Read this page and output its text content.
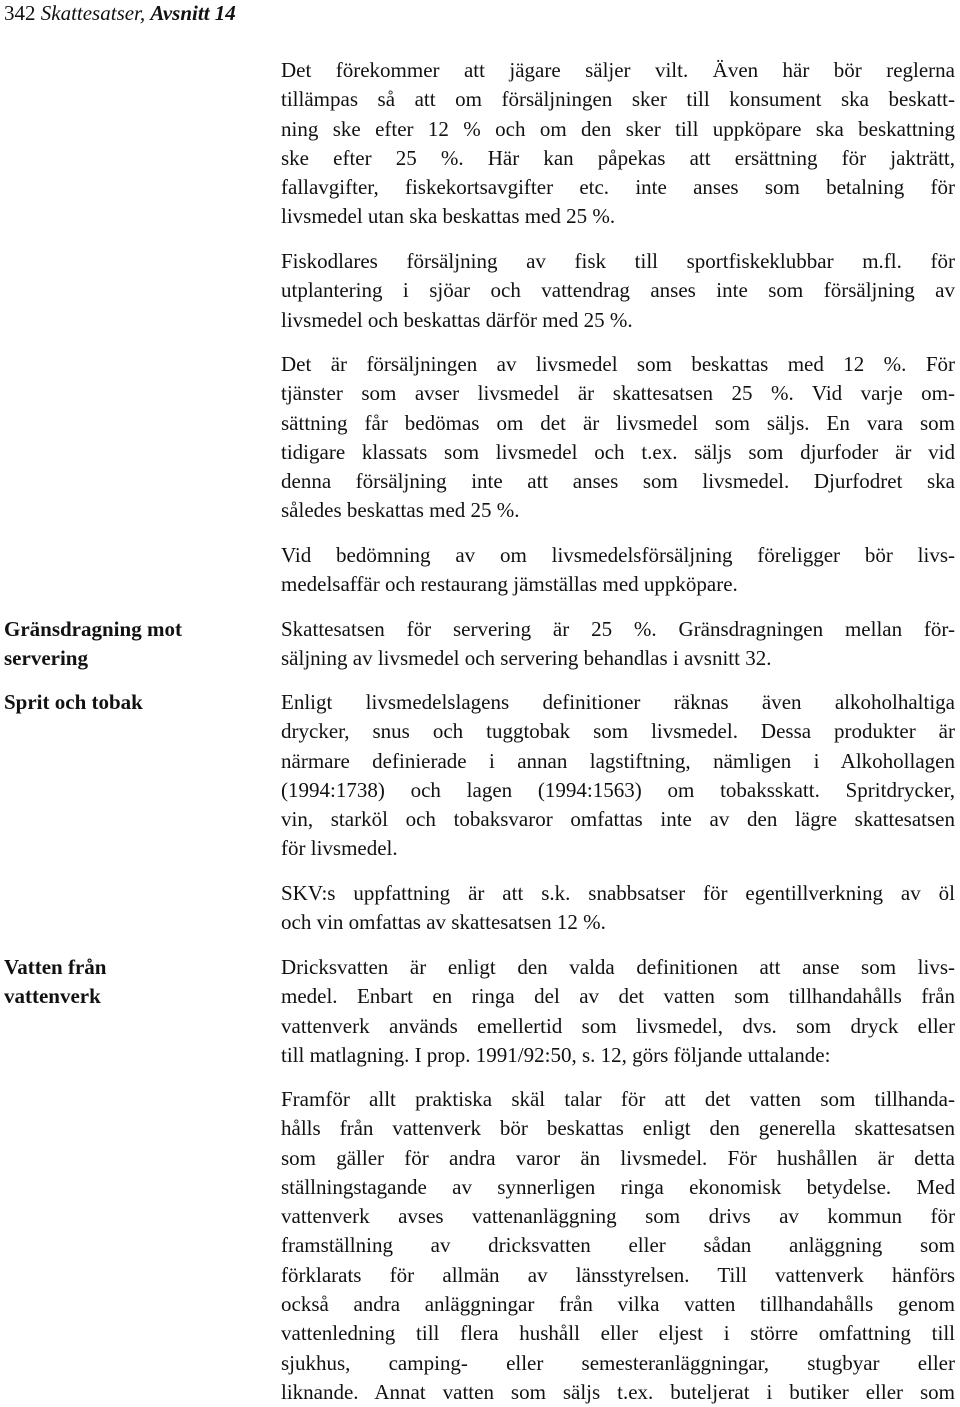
342 Skattesatser, Avsnitt 14
Gränsdragning mot servering
Sprit och tobak
Vatten från vattenverk
Det förekommer att jägare säljer vilt. Även här bör reglerna
tillämpas så att om försäljningen sker till konsument ska beskatt-
ning ske efter 12 % och om den sker till uppköpare ska beskattning
ske efter 25 %. Här kan påpekas att ersättning för jakträtt,
fallavgifter, fiskekortsavgifter etc. inte anses som betalning för
livsmedel utan ska beskattas med 25 %.
Fiskodlares försäljning av fisk till sportfiskeklubbar m.fl. för
utplantering i sjöar och vattendrag anses inte som försäljning av
livsmedel och beskattas därför med 25 %.
Det är försäljningen av livsmedel som beskattas med 12 %. För
tjänster som avser livsmedel är skattesatsen 25 %. Vid varje om-
sättning får bedömas om det är livsmedel som säljs. En vara som
tidigare klassats som livsmedel och t.ex. säljs som djurfoder är vid
denna försäljning inte att anses som livsmedel. Djurfodret ska
således beskattas med 25 %.
Vid bedömning av om livsmedelsförsäljning föreligger bör livs-
medelsaffär och restaurang jämställas med uppköpare.
Skattesatsen för servering är 25 %. Gränsdragningen mellan för-
säljning av livsmedel och servering behandlas i avsnitt 32.
Enligt livsmedelslagens definitioner räknas även alkoholhaltiga
drycker, snus och tuggtobak som livsmedel. Dessa produkter är
närmare definierade i annan lagstiftning, nämligen i Alkohollagen
(1994:1738) och lagen (1994:1563) om tobaksskatt. Spritdrycker,
vin, starköl och tobaksvaror omfattas inte av den lägre skattesatsen
för livsmedel.
SKV:s uppfattning är att s.k. snabbsatser för egentillverkning av öl
och vin omfattas av skattesatsen 12 %.
Dricksvatten är enligt den valda definitionen att anse som livs-
medel. Enbart en ringa del av det vatten som tillhandahålls från
vattenverk används emellertid som livsmedel, dvs. som dryck eller
till matlagning. I prop. 1991/92:50, s. 12, görs följande uttalande:
Framför allt praktiska skäl talar för att det vatten som tillhanda-
hålls från vattenverk bör beskattas enligt den generella skattesatsen
som gäller för andra varor än livsmedel. För hushållen är detta
ställningstagande av synnerligen ringa ekonomisk betydelse. Med
vattenverk avses vattenanläggning som drivs av kommun för
framställning av dricksvatten eller sådan anläggning som
förklarats för allmän av länsstyrelsen. Till vattenverk hänförs
också andra anläggningar från vilka vatten tillhandahålls genom
vattenledning till flera hushåll eller eljest i större omfattning till
sjukhus, camping- eller semesteranläggningar, stugbyar eller
liknande. Annat vatten som säljs t.ex. buteljerat i butiker eller som
